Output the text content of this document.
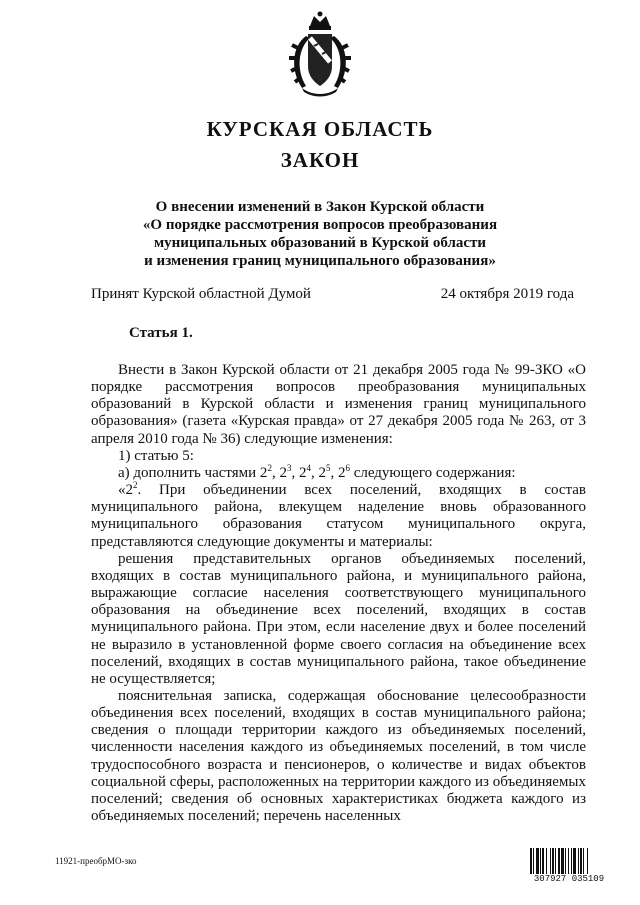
КУРСКАЯ ОБЛАСТЬ
ЗАКОН
О внесении изменений в Закон Курской области
«О порядке рассмотрения вопросов преобразования
муниципальных образований в Курской области
и изменения границ муниципального образования»
Принят Курской областной Думой	24 октября 2019 года
Статья 1.

Внести в Закон Курской области от 21 декабря 2005 года № 99-ЗКО «О порядке рассмотрения вопросов преобразования муниципальных образований в Курской области и изменения границ муниципального образования» (газета «Курская правда» от 27 декабря 2005 года № 263, от 3 апреля 2010 года № 36) следующие изменения:

1) статью 5:

а) дополнить частями $2^2$, $2^3$, $2^4$, $2^5$, $2^6$ следующего содержания:

«$2^2$. При объединении всех поселений, входящих в состав муниципального района, влекущем наделение вновь образованного муниципального образования статусом муниципального округа, представляются следующие документы и материалы:

решения представительных органов объединяемых поселений, входящих в состав муниципального района, и муниципального района, выражающие согласие населения соответствующего муниципального образования на объединение всех поселений, входящих в состав муниципального района. При этом, если население двух и более поселений не выразило в установленной форме своего согласия на объединение всех поселений, входящих в состав муниципального района, такое объединение не осуществляется;

пояснительная записка, содержащая обоснование целесообразности объединения всех поселений, входящих в состав муниципального района; сведения о площади территории каждого из объединяемых поселений, численности населения каждого из объединяемых поселений, в том числе трудоспособного возраста и пенсионеров, о количестве и видах объектов социальной сферы, расположенных на территории каждого из объединяемых поселений; сведения об основных характеристиках бюджета каждого из объединяемых поселений; перечень населенных

11921-преобрМО-зко
307927 035109
